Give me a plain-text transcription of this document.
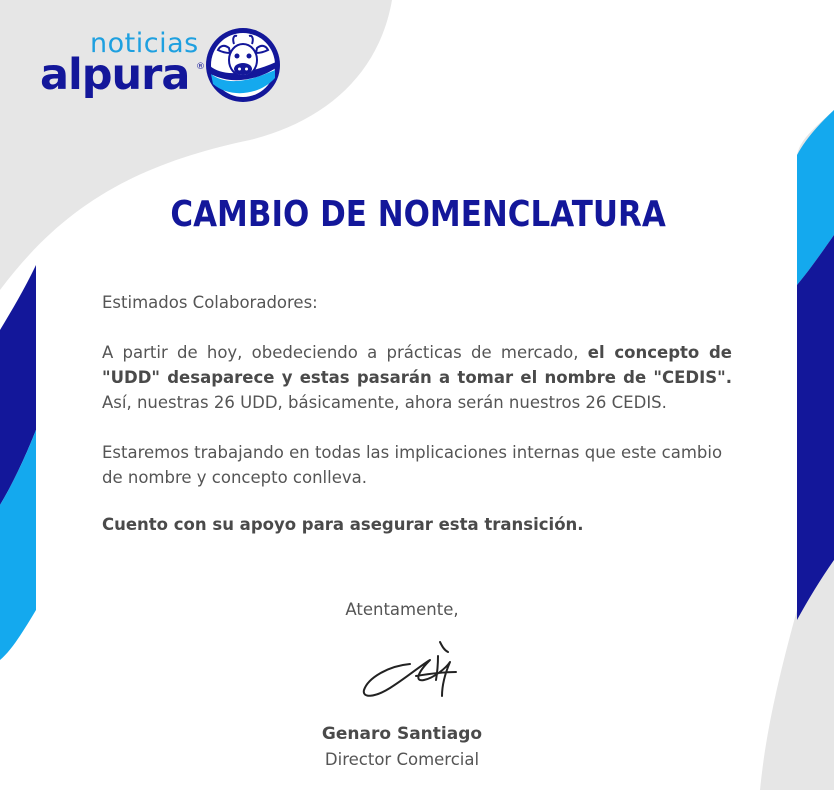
noticias
alpura ®
CAMBIO DE NOMENCLATURA

Estimados Colaboradores:

A partir de hoy, obedeciendo a prácticas de mercado, el concepto de "UDD" desaparece y estas pasarán a tomar el nombre de "CEDIS". Así, nuestras 26 UDD, básicamente, ahora serán nuestros 26 CEDIS.

Estaremos trabajando en todas las implicaciones internas que este cambio de nombre y concepto conlleva.

Cuento con su apoyo para asegurar esta transición.

Atentamente,
Genaro Santiago
Director Comercial
